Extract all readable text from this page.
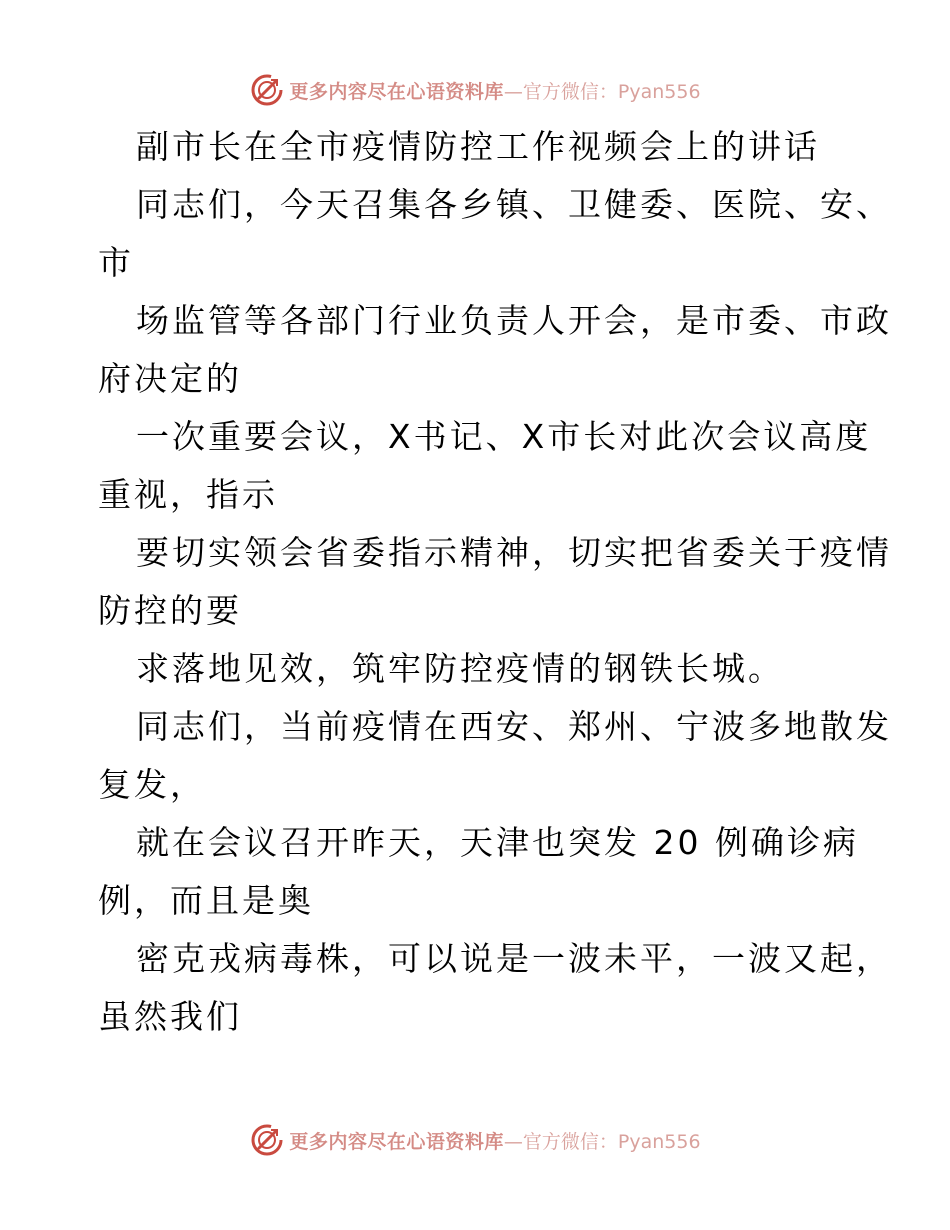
更多内容尽在心语资料库 —官方微信：Pyan556
副市长在全市疫情防控工作视频会上的讲话
同志们，今天召集各乡镇、卫健委、医院、安、
市
场监管等各部门行业负责人开会，是市委、市政
府决定的
一次重要会议，X书记、X市长对此次会议高度
重视，指示
要切实领会省委指示精神，切实把省委关于疫情
防控的要
求落地见效，筑牢防控疫情的钢铁长城。
同志们，当前疫情在西安、郑州、宁波多地散发
复发，
就在会议召开昨天，天津也突发 20 例确诊病
例，而且是奥
密克戎病毒株，可以说是一波未平，一波又起，
虽然我们
更多内容尽在心语资料库 —官方微信：Pyan556
